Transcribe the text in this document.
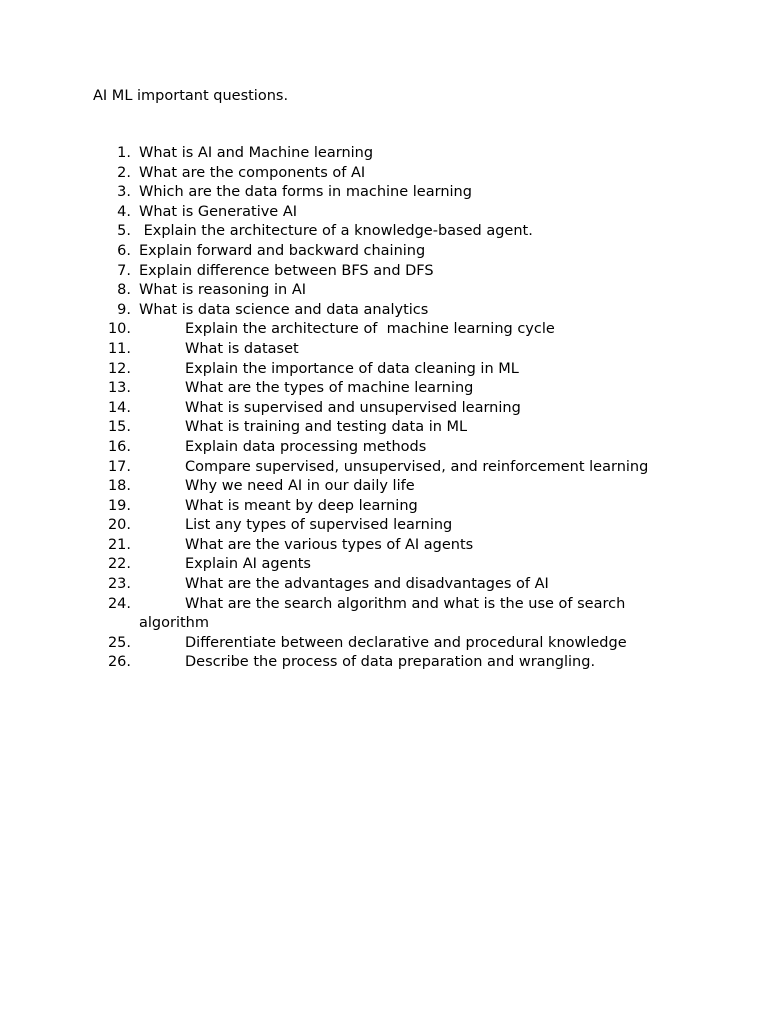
AI ML important questions.
1. What is AI and Machine learning
2. What are the components of AI
3. Which are the data forms in machine learning
4. What is Generative AI
5. Explain the architecture of a knowledge-based agent.
6. Explain forward and backward chaining
7. Explain difference between BFS and DFS
8. What is reasoning in AI
9. What is data science and data analytics
10.	Explain the architecture of  machine learning cycle
11.	What is dataset
12.	Explain the importance of data cleaning in ML
13.	What are the types of machine learning
14.	What is supervised and unsupervised learning
15.	What is training and testing data in ML
16.	Explain data processing methods
17.	Compare supervised, unsupervised, and reinforcement learning
18.	Why we need AI in our daily life
19.	What is meant by deep learning
20.	List any types of supervised learning
21.	What are the various types of AI agents
22.	Explain AI agents
23.	What are the advantages and disadvantages of AI
24.	What are the search algorithm and what is the use of search algorithm
25.	Differentiate between declarative and procedural knowledge
26.	Describe the process of data preparation and wrangling.
